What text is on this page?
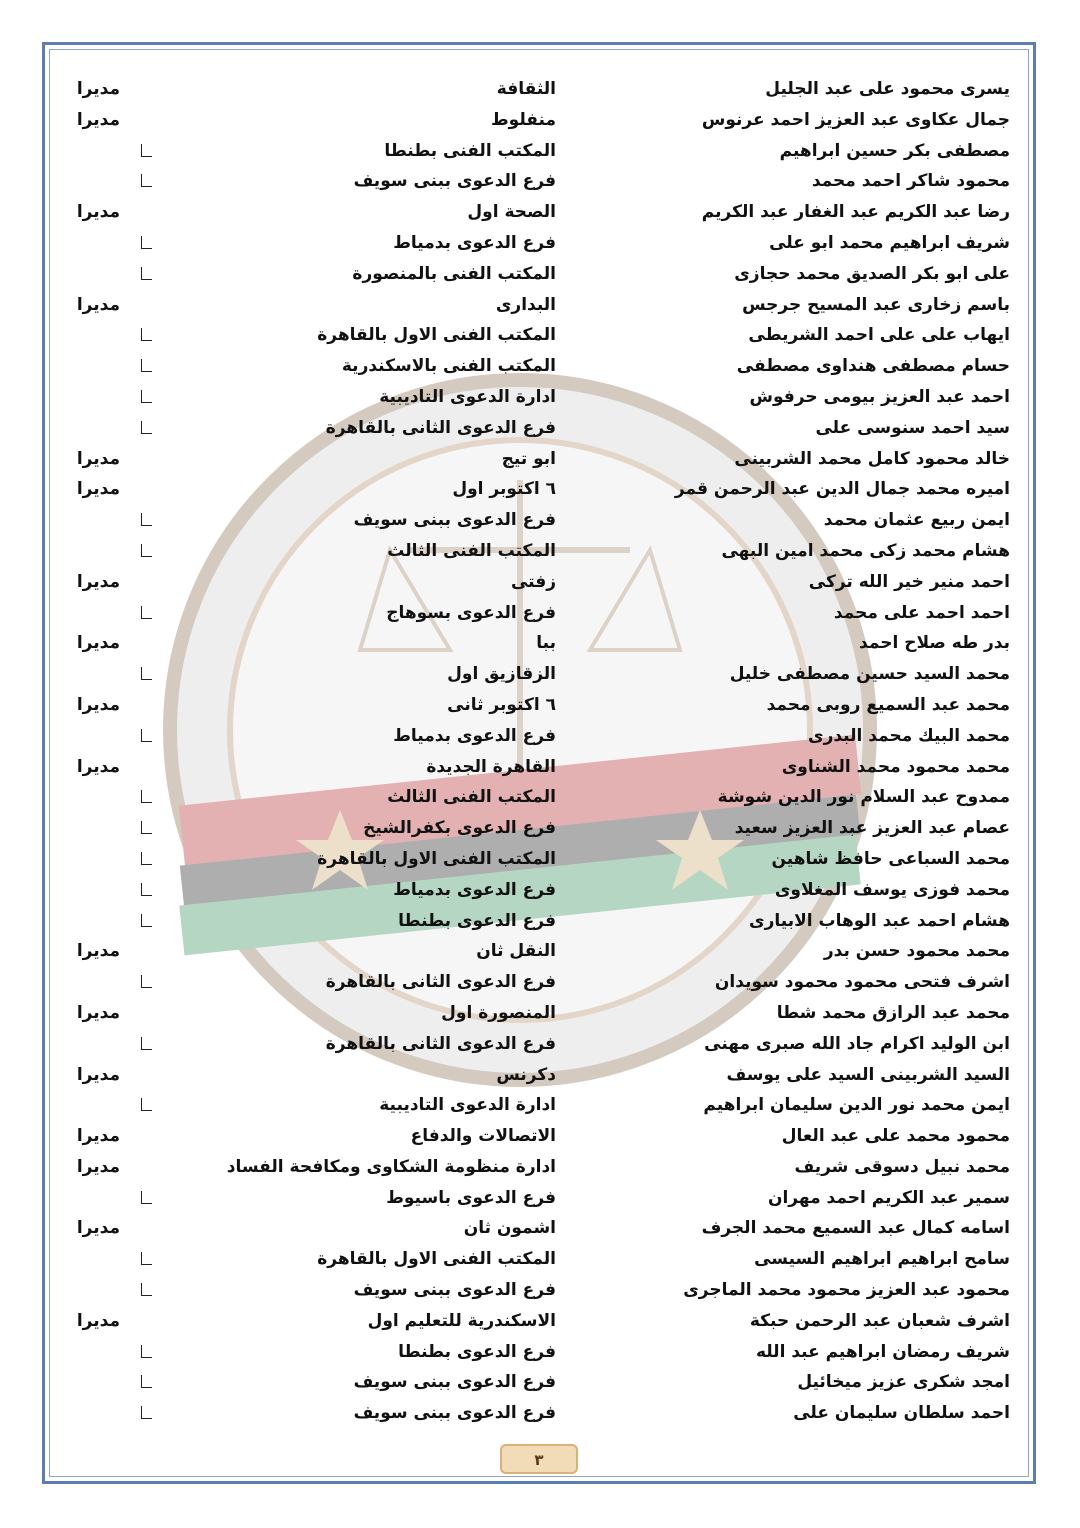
يسرى محمود على عبد الجليل
الثقافة
مديرا
جمال عكاوى عبد العزيز احمد عرنوس
منفلوط
مديرا
مصطفى بكر حسين ابراهيم
المكتب الفنى بطنطا
محمود شاكر احمد محمد
فرع الدعوى ببنى سويف
رضا عبد الكريم عبد الغفار عبد الكريم
الصحة اول
مديرا
شريف ابراهيم محمد ابو على
فرع الدعوى بدمياط
على ابو بكر الصديق محمد حجازى
المكتب الفنى بالمنصورة
باسم زخارى عبد المسيح جرجس
البدارى
مديرا
ايهاب على على احمد الشريطى
المكتب الفنى الاول بالقاهرة
حسام مصطفى هنداوى مصطفى
المكتب الفنى بالاسكندرية
احمد عبد العزيز بيومى حرفوش
ادارة الدعوى التاديبية
سيد احمد سنوسى على
فرع الدعوى الثانى بالقاهرة
خالد محمود كامل محمد الشربينى
ابو تيج
مديرا
اميره محمد جمال الدين عبد الرحمن قمر
٦ اكتوبر اول
مديرا
ايمن ربيع عثمان محمد
فرع الدعوى ببنى سويف
هشام محمد زكى محمد امين البهى
المكتب الفنى الثالث
احمد منير خير الله تركى
زفتى
مديرا
احمد احمد على محمد
فرع الدعوى بسوهاج
بدر طه صلاح احمد
ببا
مديرا
محمد السيد حسين مصطفى خليل
الزقازيق اول
محمد عبد السميع روبى محمد
٦ اكتوبر ثانى
مديرا
محمد البيك محمد البدرى
فرع الدعوى بدمياط
محمد محمود محمد الشناوى
القاهرة الجديدة
مديرا
ممدوح عبد السلام نور الدين شوشة
المكتب الفنى الثالث
عصام عبد العزيز عبد العزيز سعيد
فرع الدعوى بكفرالشيخ
محمد السباعى حافظ شاهين
المكتب الفنى الاول بالقاهرة
محمد فوزى يوسف المغلاوى
فرع الدعوى بدمياط
هشام احمد عبد الوهاب الابيارى
فرع الدعوى بطنطا
محمد محمود حسن بدر
النقل ثان
مديرا
اشرف فتحى محمود محمود سويدان
فرع الدعوى الثانى بالقاهرة
محمد عبد الرازق محمد شطا
المنصورة اول
مديرا
ابن الوليد اكرام جاد الله صبرى مهنى
فرع الدعوى الثانى بالقاهرة
السيد الشربينى السيد على يوسف
دكرنس
مديرا
ايمن محمد نور الدين سليمان ابراهيم
ادارة الدعوى التاديبية
محمود محمد على عبد العال
الاتصالات والدفاع
مديرا
محمد نبيل دسوقى شريف
ادارة منظومة الشكاوى ومكافحة الفساد
مديرا
سمير عبد الكريم احمد مهران
فرع الدعوى باسيوط
اسامه كمال عبد السميع محمد الجرف
اشمون ثان
مديرا
سامح ابراهيم ابراهيم السيسى
المكتب الفنى الاول بالقاهرة
محمود عبد العزيز محمود محمد الماجرى
فرع الدعوى ببنى سويف
اشرف شعبان عبد الرحمن حبكة
الاسكندرية للتعليم اول
مديرا
شريف رمضان ابراهيم عبد الله
فرع الدعوى بطنطا
امجد شكرى عزيز ميخائيل
فرع الدعوى ببنى سويف
احمد سلطان سليمان على
فرع الدعوى ببنى سويف
٣
